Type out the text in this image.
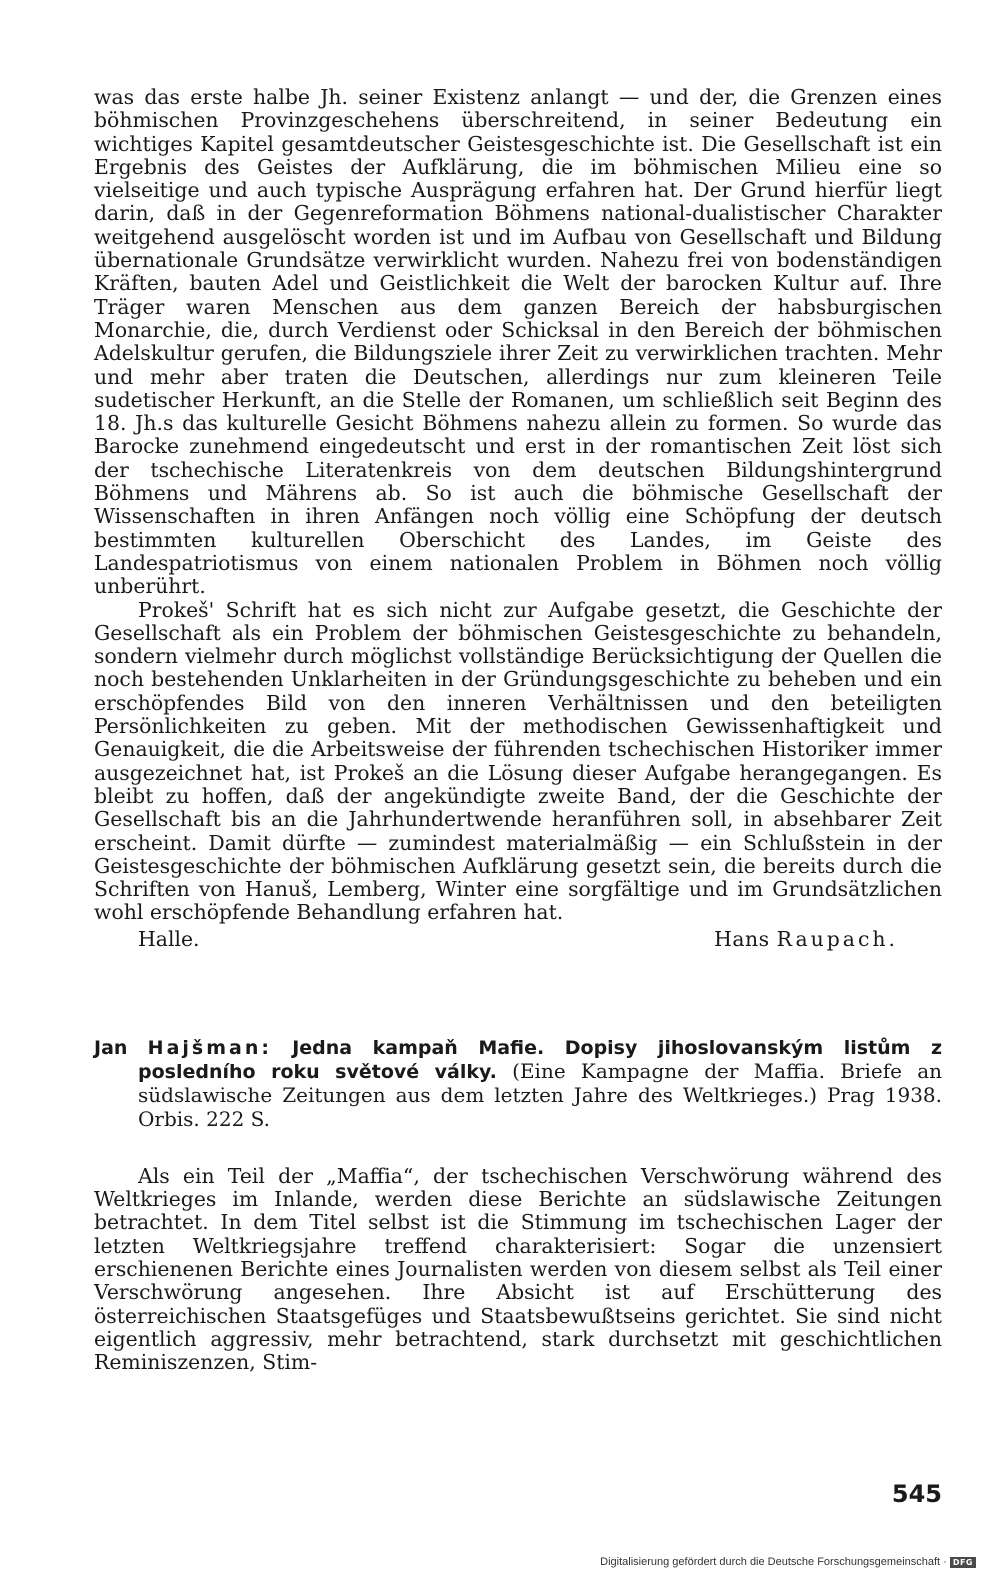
was das erste halbe Jh. seiner Existenz anlangt — und der, die Grenzen eines böhmischen Provinzgeschehens überschreitend, in seiner Bedeutung ein wichtiges Kapitel gesamtdeutscher Geistesgeschichte ist. Die Gesellschaft ist ein Ergebnis des Geistes der Aufklärung, die im böhmischen Milieu eine so vielseitige und auch typische Ausprägung erfahren hat. Der Grund hierfür liegt darin, daß in der Gegenreformation Böhmens national-dualistischer Charakter weitgehend ausgelöscht worden ist und im Aufbau von Gesellschaft und Bildung übernationale Grundsätze verwirklicht wurden. Nahezu frei von bodenständigen Kräften, bauten Adel und Geistlichkeit die Welt der barocken Kultur auf. Ihre Träger waren Menschen aus dem ganzen Bereich der habsburgischen Monarchie, die, durch Verdienst oder Schicksal in den Bereich der böhmischen Adelskultur gerufen, die Bildungsziele ihrer Zeit zu verwirklichen trachten. Mehr und mehr aber traten die Deutschen, allerdings nur zum kleineren Teile sudetischer Herkunft, an die Stelle der Romanen, um schließlich seit Beginn des 18. Jh.s das kulturelle Gesicht Böhmens nahezu allein zu formen. So wurde das Barocke zunehmend eingedeutscht und erst in der romantischen Zeit löst sich der tschechische Literatenkreis von dem deutschen Bildungshintergrund Böhmens und Mährens ab. So ist auch die böhmische Gesellschaft der Wissenschaften in ihren Anfängen noch völlig eine Schöpfung der deutsch bestimmten kulturellen Oberschicht des Landes, im Geiste des Landespatriotismus von einem nationalen Problem in Böhmen noch völlig unberührt.

Prokeš' Schrift hat es sich nicht zur Aufgabe gesetzt, die Geschichte der Gesellschaft als ein Problem der böhmischen Geistesgeschichte zu behandeln, sondern vielmehr durch möglichst vollständige Berücksichtigung der Quellen die noch bestehenden Unklarheiten in der Gründungsgeschichte zu beheben und ein erschöpfendes Bild von den inneren Verhältnissen und den beteiligten Persönlichkeiten zu geben. Mit der methodischen Gewissenhaftigkeit und Genauigkeit, die die Arbeitsweise der führenden tschechischen Historiker immer ausgezeichnet hat, ist Prokeš an die Lösung dieser Aufgabe herangegangen. Es bleibt zu hoffen, daß der angekündigte zweite Band, der die Geschichte der Gesellschaft bis an die Jahrhundertwende heranführen soll, in absehbarer Zeit erscheint. Damit dürfte — zumindest materialmäßig — ein Schlußstein in der Geistesgeschichte der böhmischen Aufklärung gesetzt sein, die bereits durch die Schriften von Hanuš, Lemberg, Winter eine sorgfältige und im Grundsätzlichen wohl erschöpfende Behandlung erfahren hat.

Halle.	Hans Raupach.

Jan Hajšman: Jedna kampaň Mafie. Dopisy jihoslovanským listům z posledního roku světové války. (Eine Kampagne der Maffia. Briefe an südslawische Zeitungen aus dem letzten Jahre des Weltkrieges.) Prag 1938. Orbis. 222 S.

Als ein Teil der „Maffia“, der tschechischen Verschwörung während des Weltkrieges im Inlande, werden diese Berichte an südslawische Zeitungen betrachtet. In dem Titel selbst ist die Stimmung im tschechischen Lager der letzten Weltkriegsjahre treffend charakterisiert: Sogar die unzensiert erschienenen Berichte eines Journalisten werden von diesem selbst als Teil einer Verschwörung angesehen. Ihre Absicht ist auf Erschütterung des österreichischen Staatsgefüges und Staatsbewußtseins gerichtet. Sie sind nicht eigentlich aggressiv, mehr betrachtend, stark durchsetzt mit geschichtlichen Reminiszenzen, Stim-

545
Digitalisierung gefördert durch die Deutsche Forschungsgemeinschaft · DFG
